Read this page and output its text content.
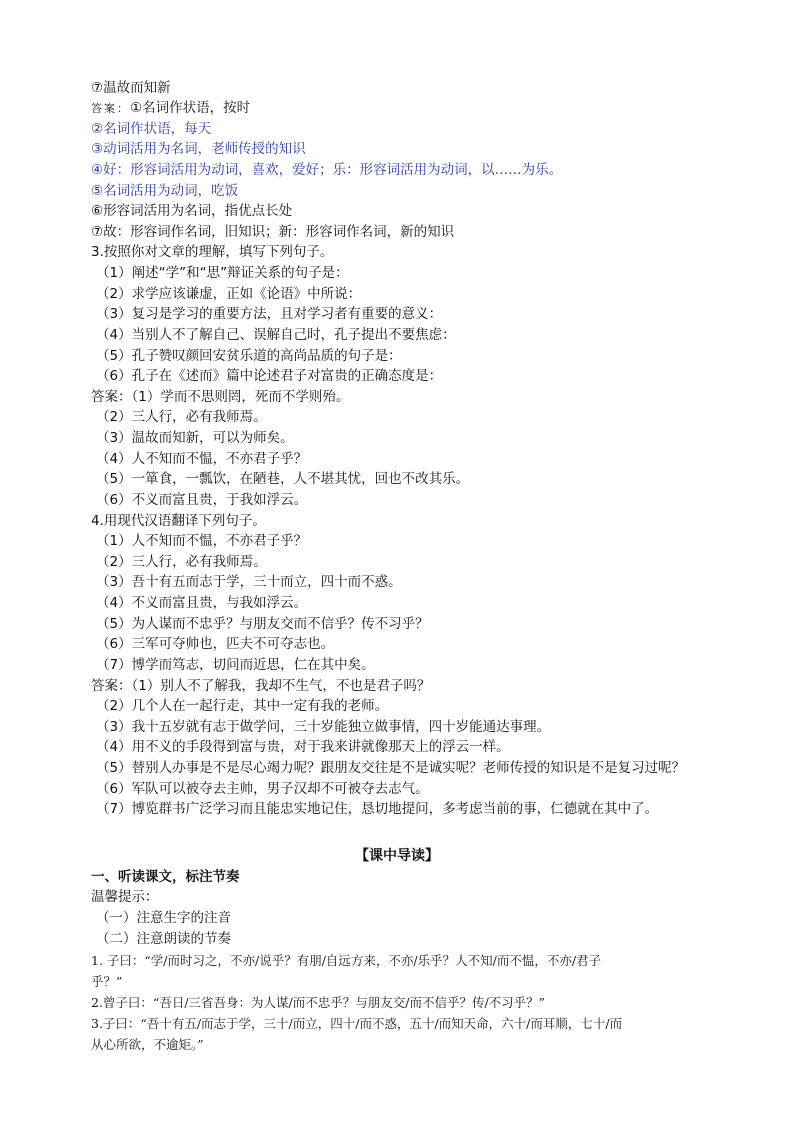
⑦温故而知新
答案：①名词作状语，按时
②名词作状语，每天
③动词活用为名词，老师传授的知识
④好：形容词活用为动词，喜欢，爱好；乐：形容词活用为动词，以……为乐。
⑤名词活用为动词，吃饭
⑥形容词活用为名词，指优点长处
⑦故：形容词作名词，旧知识；新：形容词作名词，新的知识
3.按照你对文章的理解，填写下列句子。
（1）阐述“学”和“思”辩证关系的句子是：
（2）求学应该谦虚，正如《论语》中所说：
（3）复习是学习的重要方法，且对学习者有重要的意义：
（4）当别人不了解自己、误解自己时，孔子提出不要焦虑：
（5）孔子赞叹颜回安贫乐道的高尚品质的句子是：
（6）孔子在《述而》篇中论述君子对富贵的正确态度是：
答案：（1）学而不思则罔，死而不学则殆。
（2）三人行，必有我师焉。
（3）温故而知新，可以为师矣。
（4）人不知而不愠，不亦君子乎？
（5）一箪食，一瓢饮，在陋巷，人不堪其忧，回也不改其乐。
（6）不义而富且贵，于我如浮云。
4.用现代汉语翻译下列句子。
（1）人不知而不愠，不亦君子乎？
（2）三人行，必有我师焉。
（3）吾十有五而志于学，三十而立，四十而不惑。
（4）不义而富且贵，与我如浮云。
（5）为人谋而不忠乎？与朋友交而不信乎？传不习乎？
（6）三军可夺帅也，匹夫不可夺志也。
（7）博学而笃志，切问而近思，仁在其中矣。
答案：（1）别人不了解我，我却不生气，不也是君子吗？
（2）几个人在一起行走，其中一定有我的老师。
（3）我十五岁就有志于做学问，三十岁能独立做事情，四十岁能通达事理。
（4）用不义的手段得到富与贵，对于我来讲就像那天上的浮云一样。
（5）替别人办事是不是尽心竭力呢？跟朋友交往是不是诚实呢？老师传授的知识是不是复习过呢？
（6）军队可以被夺去主帅，男子汉却不可被夺去志气。
（7）博览群书广泛学习而且能忠实地记住，恳切地提问，多考虑当前的事，仁德就在其中了。
【课中导读】
一、听读课文，标注节奏
温馨提示：
（一）注意生字的注音
（二）注意朗读的节奏
1. 子曰：“学/而时习之，不亦/说乎？有朋/自远方来，不亦/乐乎？人不知/而不愠，不亦/君子
乎？”
2.曾子曰：“吾日/三省吾身：为人谋/而不忠乎？与朋友交/而不信乎？传/不习乎？”
3.子曰：“吾十有五/而志于学，三十/而立，四十/而不惑，五十/而知天命，六十/而耳顺，七十/而
从心所欲，不逾矩。”
